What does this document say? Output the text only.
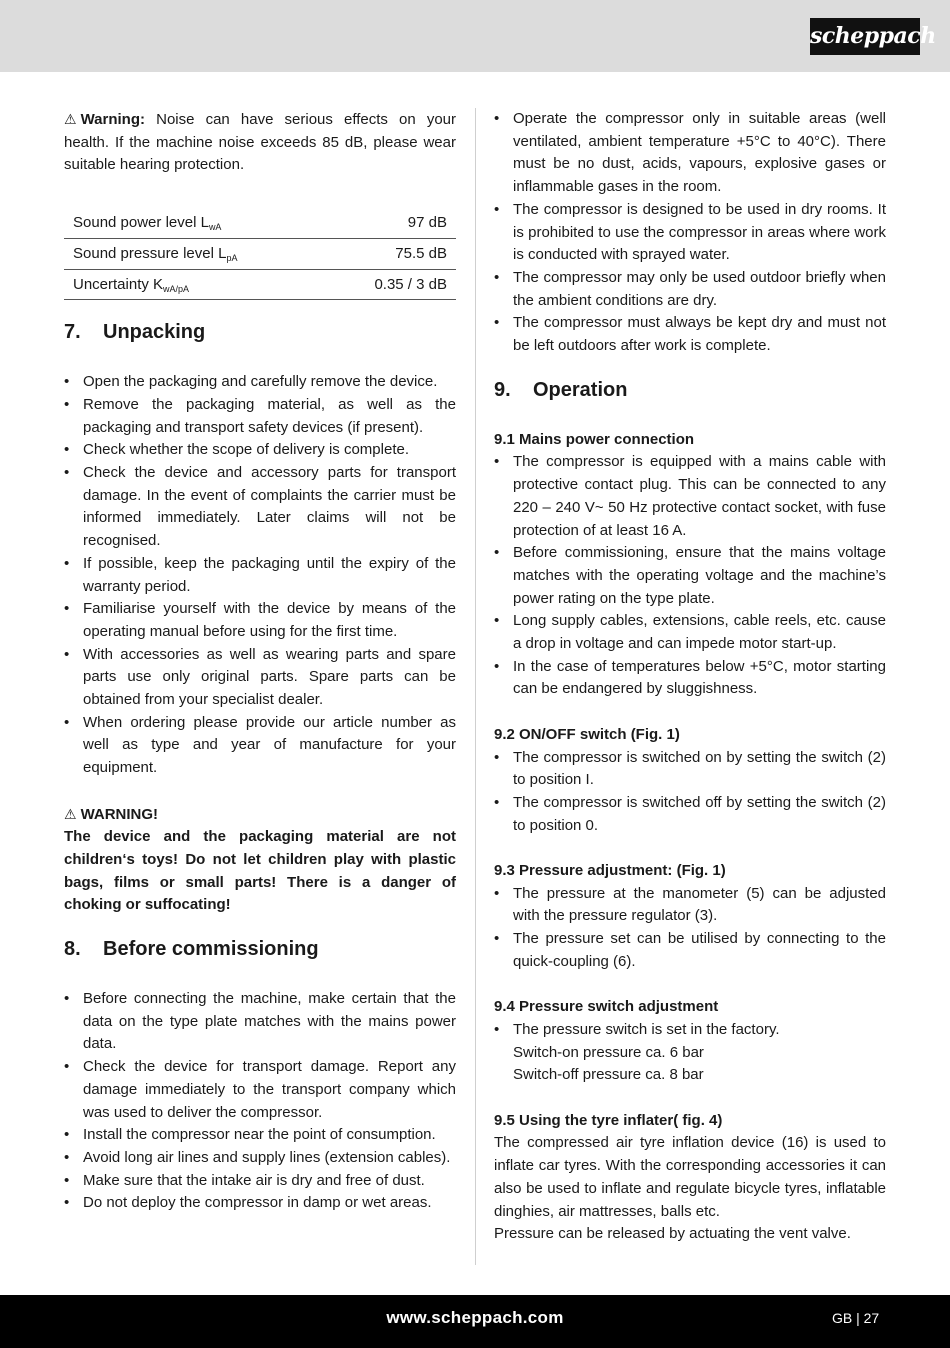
scheppach

⚠ Warning: Noise can have serious effects on your health. If the machine noise exceeds 85 dB, please wear suitable hearing protection.

Sound power level $L_{wA}$	97 dB
Sound pressure level $L_{pA}$	75.5 dB
Uncertainty $K_{wA/pA}$	0.35 / 3 dB
7. Unpacking
• Open the packaging and carefully remove the device.
• Remove the packaging material, as well as the packaging and transport safety devices (if present).
• Check whether the scope of delivery is complete.
• Check the device and accessory parts for transport damage. In the event of complaints the carrier must be informed immediately. Later claims will not be recognised.
• If possible, keep the packaging until the expiry of the warranty period.
• Familiarise yourself with the device by means of the operating manual before using for the first time.
• With accessories as well as wearing parts and spare parts use only original parts. Spare parts can be obtained from your specialist dealer.
• When ordering please provide our article number as well as type and year of manufacture for your equipment.

⚠ WARNING!

The device and the packaging material are not children‘s toys! Do not let children play with plastic bags, films or small parts! There is a danger of choking or suffocating!

8. Before commissioning
• Before connecting the machine, make certain that the data on the type plate matches with the mains power data.
• Check the device for transport damage. Report any damage immediately to the transport company which was used to deliver the compressor.
• Install the compressor near the point of consumption.
• Avoid long air lines and supply lines (extension cables).
• Make sure that the intake air is dry and free of dust.
• Do not deploy the compressor in damp or wet areas.
• Operate the compressor only in suitable areas (well ventilated, ambient temperature +5°C to 40°C). There must be no dust, acids, vapours, explosive gases or inflammable gases in the room.
• The compressor is designed to be used in dry rooms. It is prohibited to use the compressor in areas where work is conducted with sprayed water.
• The compressor may only be used outdoor briefly when the ambient conditions are dry.
• The compressor must always be kept dry and must not be left outdoors after work is complete.
9. Operation

9.1 Mains power connection

• The compressor is equipped with a mains cable with protective contact plug. This can be connected to any 220 – 240 V~ 50 Hz protective contact socket, with fuse protection of at least 16 A.
• Before commissioning, ensure that the mains voltage matches with the operating voltage and the machine’s power rating on the type plate.
• Long supply cables, extensions, cable reels, etc. cause a drop in voltage and can impede motor start-up.
• In the case of temperatures below +5°C, motor starting can be endangered by sluggishness.

9.2 ON/OFF switch (Fig. 1)

• The compressor is switched on by setting the switch (2) to position I.
• The compressor is switched off by setting the switch (2) to position 0.

9.3 Pressure adjustment: (Fig. 1)

• The pressure at the manometer (5) can be adjusted with the pressure regulator (3).
• The pressure set can be utilised by connecting to the quick-coupling (6).

9.4 Pressure switch adjustment

• The pressure switch is set in the factory.

Switch-on pressure ca. 6 bar

Switch-off pressure ca. 8 bar

9.5 Using the tyre inflater( fig. 4)

The compressed air tyre inflation device (16) is used to inflate car tyres. With the corresponding accessories it can also be used to inflate and regulate bicycle tyres, inflatable dinghies, air mattresses, balls etc.

Pressure can be released by actuating the vent valve.

www.scheppach.com	GB | 27
